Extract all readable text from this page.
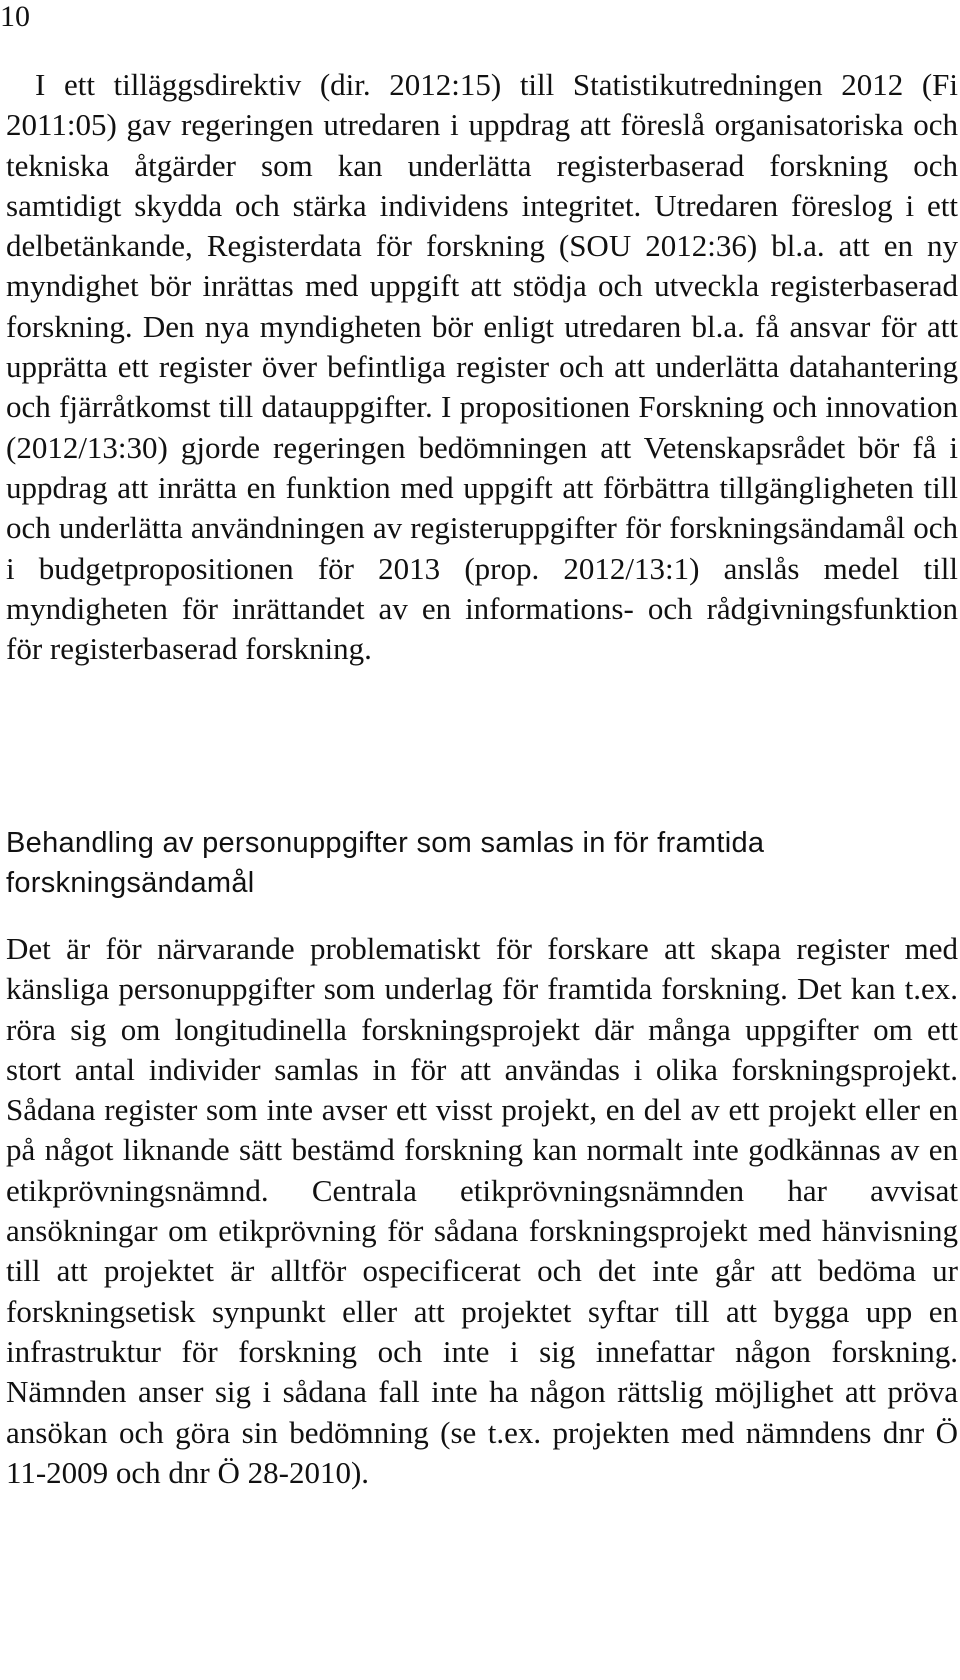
10

I ett tilläggsdirektiv (dir. 2012:15) till Statistikutredningen 2012 (Fi 2011:05) gav regeringen utredaren i uppdrag att föreslå organisatoriska och tekniska åtgärder som kan underlätta registerbaserad forskning och samtidigt skydda och stärka individens integritet. Utredaren föreslog i ett delbetänkande, Registerdata för forskning (SOU 2012:36) bl.a. att en ny myndighet bör inrättas med uppgift att stödja och utveckla registerbaserad forskning. Den nya myndigheten bör enligt utredaren bl.a. få ansvar för att upprätta ett register över befintliga register och att underlätta datahantering och fjärråtkomst till datauppgifter. I propositionen Forskning och innovation (2012/13:30) gjorde regeringen bedömningen att Vetenskapsrådet bör få i uppdrag att inrätta en funktion med uppgift att förbättra tillgängligheten till och underlätta användningen av registeruppgifter för forskningsändamål och i budgetpropositionen för 2013 (prop. 2012/13:1) anslås medel till myndigheten för inrättandet av en informations- och rådgivningsfunktion för registerbaserad forskning.

Behandling av personuppgifter som samlas in för framtida forskningsändamål

Det är för närvarande problematiskt för forskare att skapa register med känsliga personuppgifter som underlag för framtida forskning. Det kan t.ex. röra sig om longitudinella forskningsprojekt där många uppgifter om ett stort antal individer samlas in för att användas i olika forskningsprojekt. Sådana register som inte avser ett visst projekt, en del av ett projekt eller en på något liknande sätt bestämd forskning kan normalt inte godkännas av en etikprövningsnämnd. Centrala etikprövningsnämnden har avvisat ansökningar om etikprövning för sådana forskningsprojekt med hänvisning till att projektet är alltför ospecificerat och det inte går att bedöma ur forskningsetisk synpunkt eller att projektet syftar till att bygga upp en infrastruktur för forskning och inte i sig innefattar någon forskning. Nämnden anser sig i sådana fall inte ha någon rättslig möjlighet att pröva ansökan och göra sin bedömning (se t.ex. projekten med nämndens dnr Ö 11-2009 och dnr Ö 28-2010).
